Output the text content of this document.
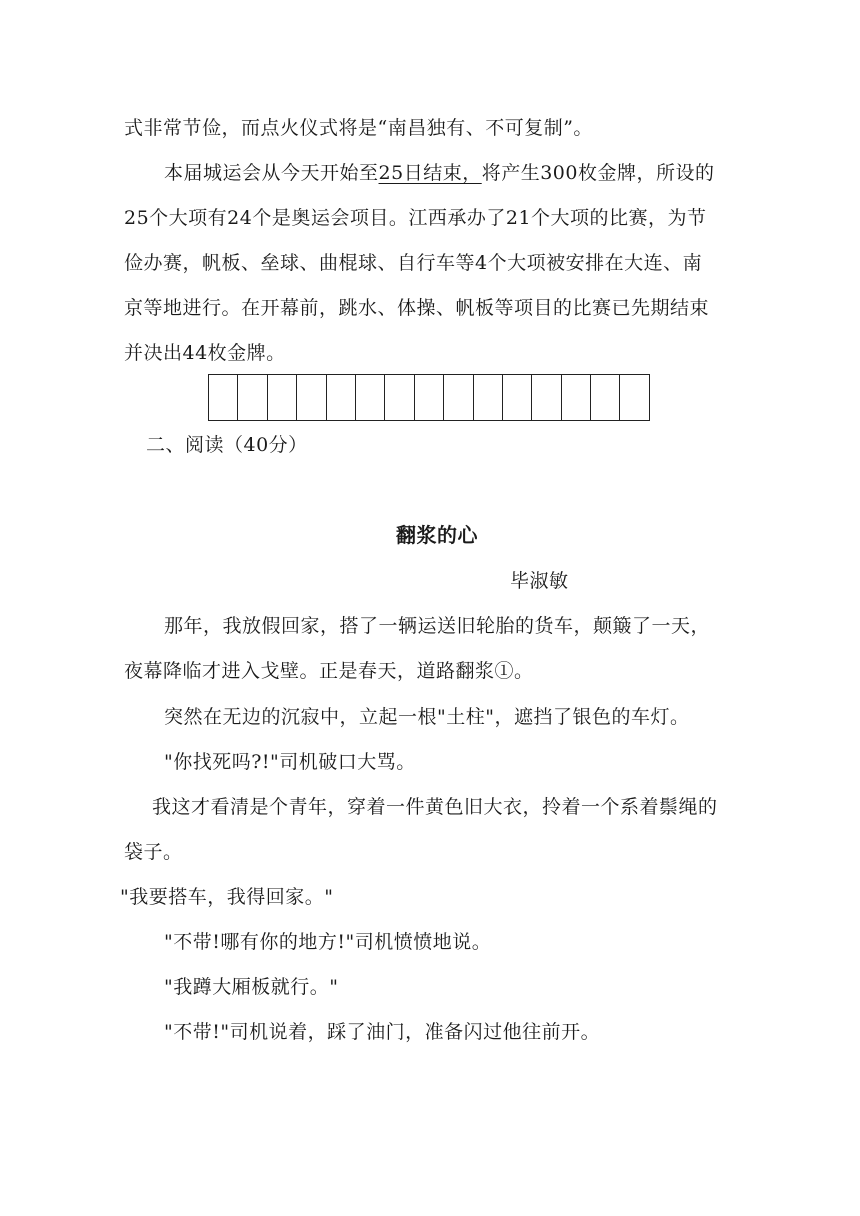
式非常节俭，而点火仪式将是“南昌独有、不可复制”。
本届城运会从今天开始至25日结束，将产生300枚金牌，所设的
25个大项有24个是奥运会项目。江西承办了21个大项的比赛，为节
俭办赛，帆板、垒球、曲棍球、自行车等4个大项被安排在大连、南
京等地进行。在开幕前，跳水、体操、帆板等项目的比赛已先期结束
并决出44枚金牌。
二、阅读（40分）
翻浆的心
毕淑敏
那年，我放假回家，搭了一辆运送旧轮胎的货车，颠簸了一天，
夜幕降临才进入戈壁。正是春天，道路翻浆①。
突然在无边的沉寂中，立起一根"土柱"，遮挡了银色的车灯。
"你找死吗?!"司机破口大骂。
我这才看清是个青年，穿着一件黄色旧大衣，拎着一个系着鬃绳的
袋子。
"我要搭车，我得回家。"
"不带!哪有你的地方!"司机愤愤地说。
"我蹲大厢板就行。"
"不带!"司机说着，踩了油门，准备闪过他往前开。
